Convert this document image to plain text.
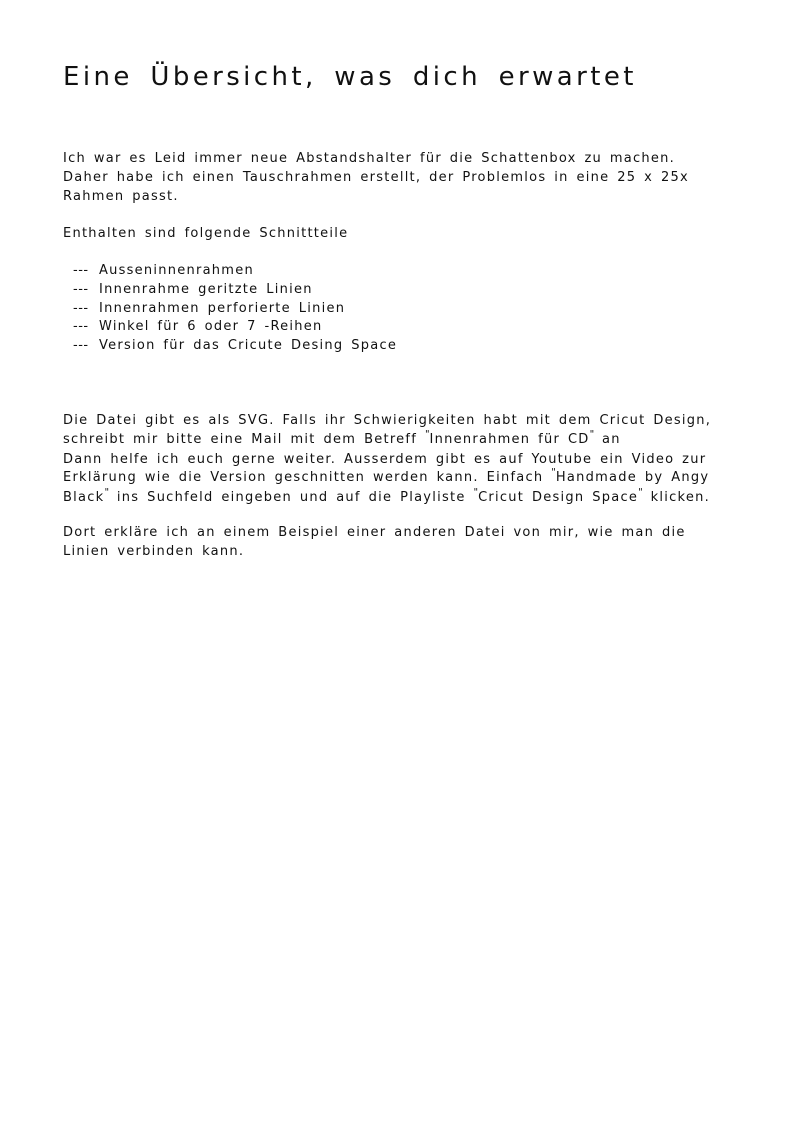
Eine Übersicht, was dich erwartet

Ich war es Leid immer neue Abstandshalter für die Schattenbox zu machen.

Daher habe ich einen Tauschrahmen erstellt, der Problemlos in eine 25 x 25x

Rahmen passt.

Enthalten sind folgende Schnittteile

--- Ausseninnenrahmen
--- Innenrahme geritzte Linien
--- Innenrahmen perforierte Linien
--- Winkel für 6 oder 7 -Reihen
--- Version für das Cricute Desing Space

Die Datei gibt es als SVG. Falls ihr Schwierigkeiten habt mit dem Cricut Design,

schreibt mir bitte eine Mail mit dem Betreff "Innenrahmen für CD" an

Dann helfe ich euch gerne weiter. Ausserdem gibt es auf Youtube ein Video zur

Erklärung wie die Version geschnitten werden kann. Einfach "Handmade by Angy

Black" ins Suchfeld eingeben und auf die Playliste "Cricut Design Space" klicken.

Dort erkläre ich an einem Beispiel einer anderen Datei von mir, wie man die

Linien verbinden kann.
